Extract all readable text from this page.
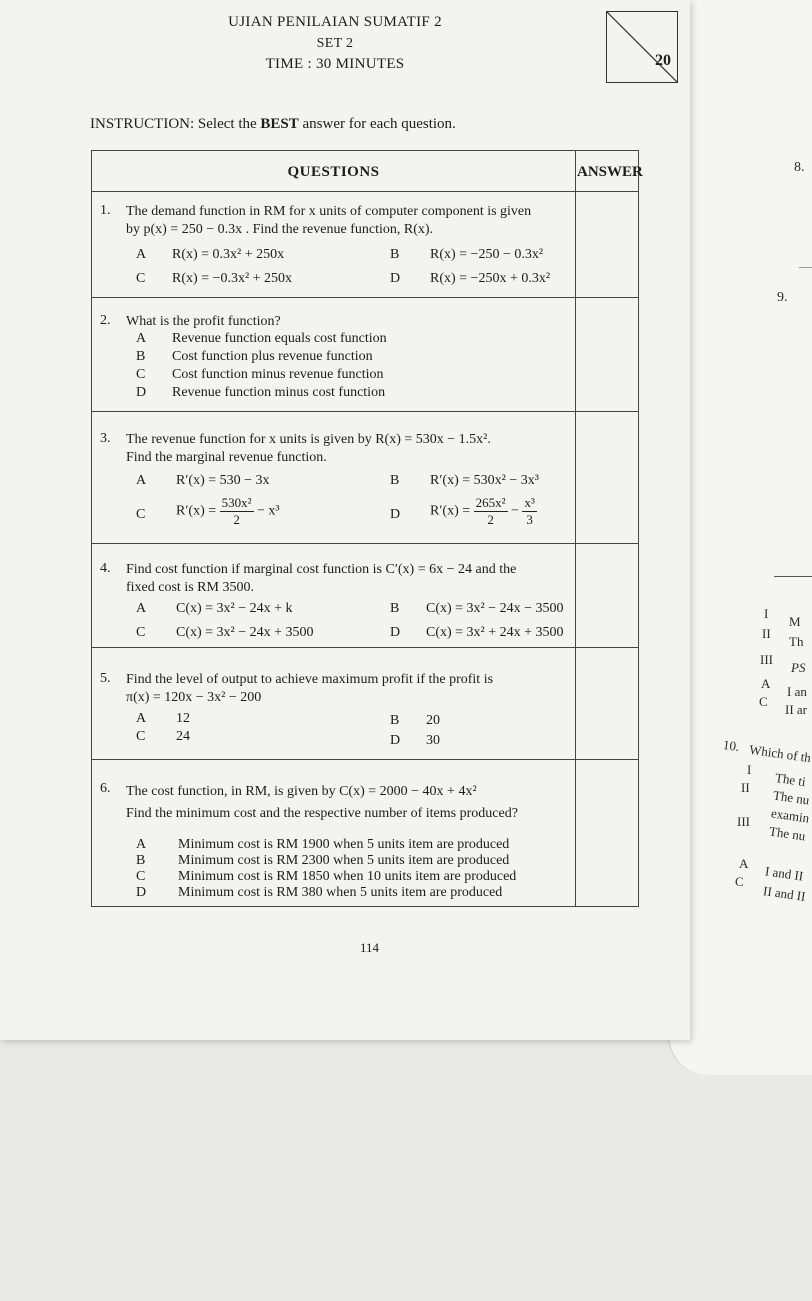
8.
9.
I
M
II
Th
III
PS
A
I an
C
II ar
10. Which of th
I
The ti
II
The nu
examin
III
The nu
A I and II
C
II and II
UJIAN PENILAIAN SUMATIF 2
SET 2
TIME : 30 MINUTES	20
INSTRUCTION: Select the BEST answer for each question.
QUESTIONS	ANSWER
1. The demand function in RM for x units of computer component is given
by p(x) = 250 − 0.3x . Find the revenue function, R(x).
A R(x) = 0.3x² + 250x	B R(x) = −250 − 0.3x²
C R(x) = −0.3x² + 250x	D R(x) = −250x + 0.3x²
2. What is the profit function?
A Revenue function equals cost function
B Cost function plus revenue function
C Cost function minus revenue function
D Revenue function minus cost function
3. The revenue function for x units is given by R(x) = 530x − 1.5x².
Find the marginal revenue function.
A R′(x) = 530 − 3x	B R′(x) = 530x² − 3x³
C $R'(x) = \frac{\text{530x²}}{2} - x^3$	D $R'(x) = \frac{\text{265x²}}{2} - \frac{\text{x³}}{3}$
4. Find cost function if marginal cost function is C′(x) = 6x − 24 and the
fixed cost is RM 3500.
A C(x) = 3x² − 24x + k	B C(x) = 3x² − 24x − 3500
C C(x) = 3x² − 24x + 3500	D C(x) = 3x² + 24x + 3500
5. Find the level of output to achieve maximum profit if the profit is
π(x) = 120x − 3x² − 200
A 12	B 20
C 24	D 30
6. The cost function, in RM, is given by C(x) = 2000 − 40x + 4x²
Find the minimum cost and the respective number of items produced?
A Minimum cost is RM 1900 when 5 units item are produced
B Minimum cost is RM 2300 when 5 units item are produced
C Minimum cost is RM 1850 when 10 units item are produced
D Minimum cost is RM 380 when 5 units item are produced
114
